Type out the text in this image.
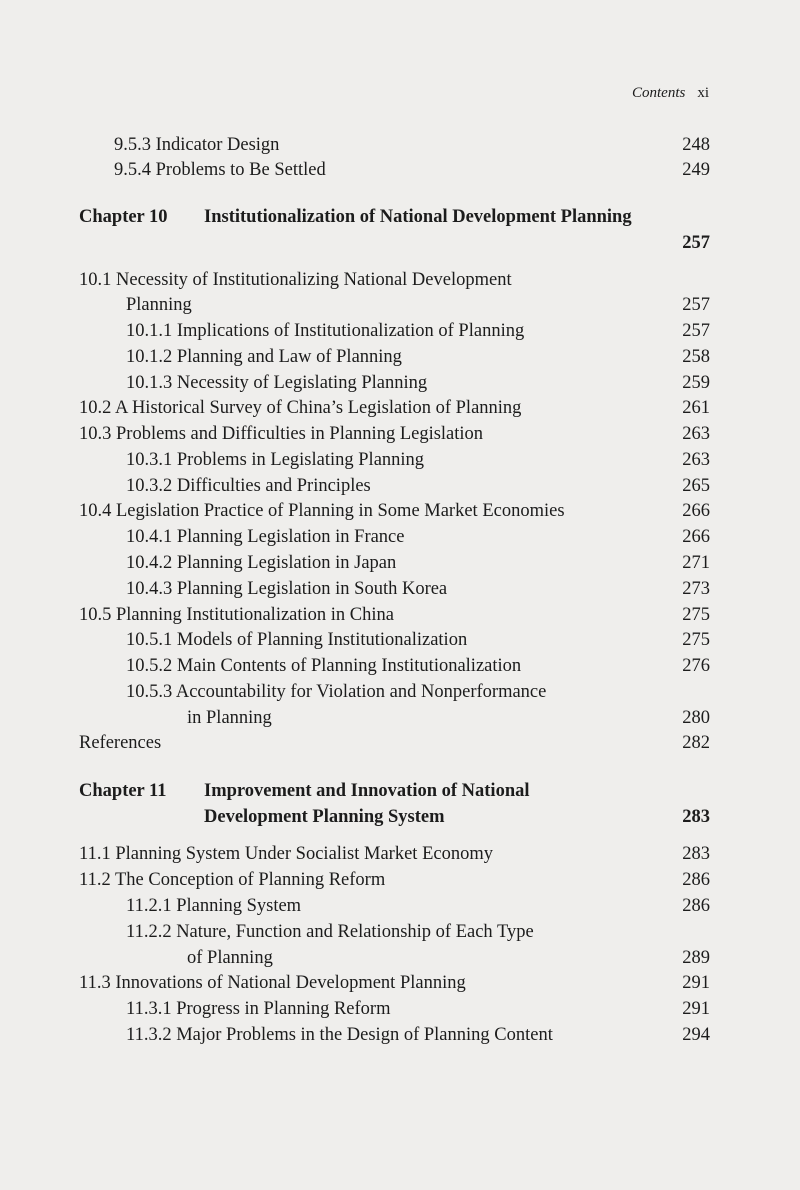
Contents xi
9.5.3 Indicator Design	248
9.5.4 Problems to Be Settled	249
Chapter 10 Institutionalization of National Development Planning
257
10.1 Necessity of Institutionalizing National Development
Planning	257
10.1.1 Implications of Institutionalization of Planning	257
10.1.2 Planning and Law of Planning	258
10.1.3 Necessity of Legislating Planning	259
10.2 A Historical Survey of China’s Legislation of Planning	261
10.3 Problems and Difficulties in Planning Legislation	263
10.3.1 Problems in Legislating Planning	263
10.3.2 Difficulties and Principles	265
10.4 Legislation Practice of Planning in Some Market Economies	266
10.4.1 Planning Legislation in France	266
10.4.2 Planning Legislation in Japan	271
10.4.3 Planning Legislation in South Korea	273
10.5 Planning Institutionalization in China	275
10.5.1 Models of Planning Institutionalization	275
10.5.2 Main Contents of Planning Institutionalization	276
10.5.3 Accountability for Violation and Nonperformance
in Planning	280
References	282
Chapter 11 Improvement and Innovation of National Development Planning System	283
11.1 Planning System Under Socialist Market Economy	283
11.2 The Conception of Planning Reform	286
11.2.1 Planning System	286
11.2.2 Nature, Function and Relationship of Each Type
of Planning	289
11.3 Innovations of National Development Planning	291
11.3.1 Progress in Planning Reform	291
11.3.2 Major Problems in the Design of Planning Content	294
